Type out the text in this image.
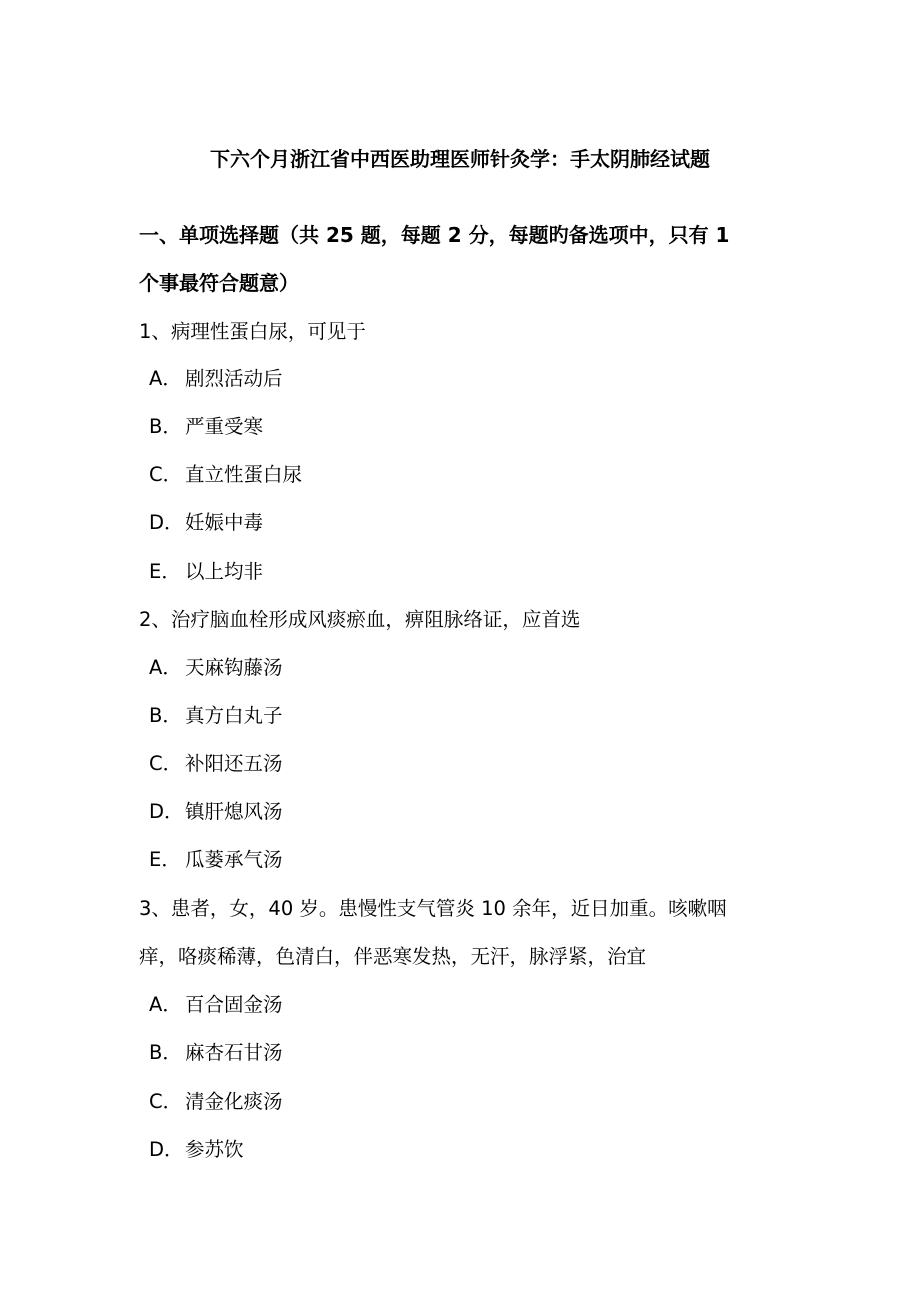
下六个月浙江省中西医助理医师针灸学：手太阴肺经试题
一、单项选择题（共 25 题，每题 2 分，每题旳备选项中，只有 1
个事最符合题意）
1、病理性蛋白尿，可见于
A． 剧烈活动后
B． 严重受寒
C． 直立性蛋白尿
D．妊娠中毒
E． 以上均非
2、治疗脑血栓形成风痰瘀血，痹阻脉络证，应首选
A． 天麻钩藤汤
B． 真方白丸子
C． 补阳还五汤
D．镇肝熄风汤
E． 瓜蒌承气汤
3、患者，女，40 岁。患慢性支气管炎 10 余年，近日加重。咳嗽咽
痒，咯痰稀薄，色清白，伴恶寒发热，无汗，脉浮紧，治宜
A． 百合固金汤
B． 麻杏石甘汤
C． 清金化痰汤
D．参苏饮
